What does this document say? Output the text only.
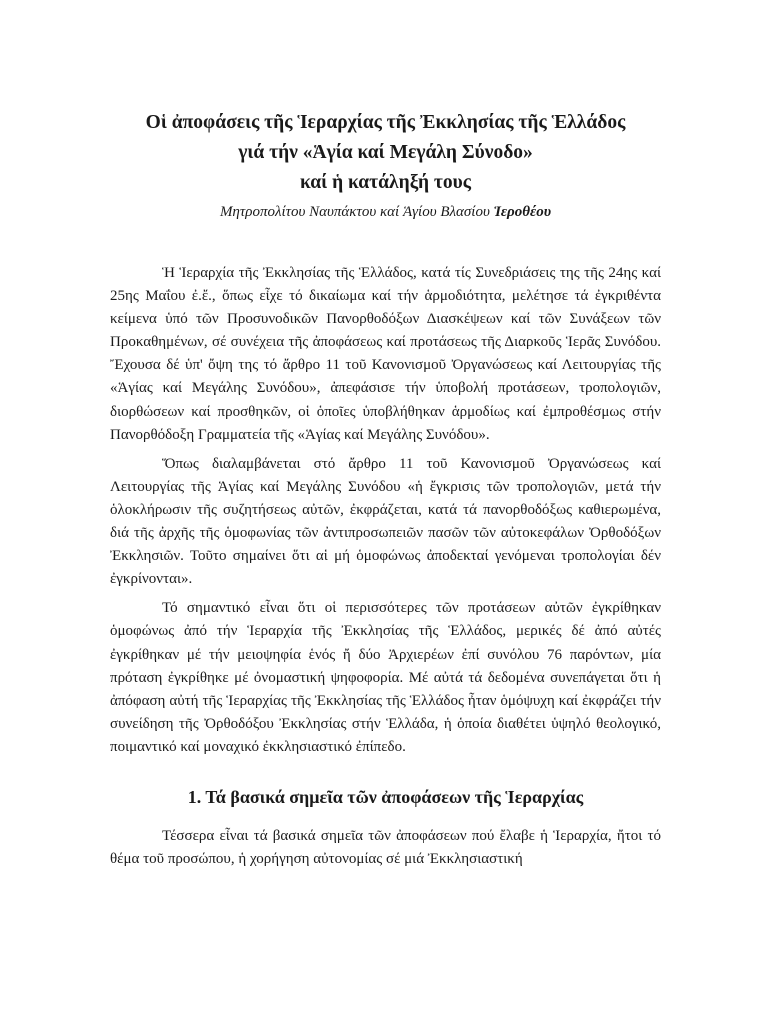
Οἱ ἀποφάσεις τῆς Ἱεραρχίας τῆς Ἐκκλησίας τῆς Ἑλλάδος
γιά τήν «Ἁγία καί Μεγάλη Σύνοδο»
καί ἡ κατάληξή τους

Μητροπολίτου Ναυπάκτου καί Ἁγίου Βλασίου Ἱεροθέου

Ἡ Ἱεραρχία τῆς Ἐκκλησίας τῆς Ἑλλάδος, κατά τίς Συνεδριάσεις της τῆς 24ης καί 25ης Μαΐου ἐ.ἔ., ὅπως εἶχε τό δικαίωμα καί τήν ἁρμοδιότητα, μελέτησε τά ἐγκριθέντα κείμενα ὑπό τῶν Προσυνοδικῶν Πανορθοδόξων Διασκέψεων καί τῶν Συνάξεων τῶν Προκαθημένων, σέ συνέχεια τῆς ἀποφάσεως καί προτάσεως τῆς Διαρκοῦς Ἱερᾶς Συνόδου. Ἔχουσα δέ ὑπ' ὄψη της τό ἄρθρο 11 τοῦ Κανονισμοῦ Ὀργανώσεως καί Λειτουργίας τῆς «Ἁγίας καί Μεγάλης Συνόδου», ἀπεφάσισε τήν ὑποβολή προτάσεων, τροπολογιῶν, διορθώσεων καί προσθηκῶν, οἱ ὁποῖες ὑποβλήθηκαν ἁρμοδίως καί ἐμπροθέσμως στήν Πανορθόδοξη Γραμματεία τῆς «Ἁγίας καί Μεγάλης Συνόδου».

Ὅπως διαλαμβάνεται στό ἄρθρο 11 τοῦ Κανονισμοῦ Ὀργανώσεως καί Λειτουργίας τῆς Ἁγίας καί Μεγάλης Συνόδου «ἡ ἔγκρισις τῶν τροπολογιῶν, μετά τήν ὁλοκλήρωσιν τῆς συζητήσεως αὐτῶν, ἐκφράζεται, κατά τά πανορθοδόξως καθιερωμένα, διά τῆς ἀρχῆς τῆς ὁμοφωνίας τῶν ἀντιπροσωπειῶν πασῶν τῶν αὐτοκεφάλων Ὀρθοδόξων Ἐκκλησιῶν. Τοῦτο σημαίνει ὅτι αἱ μή ὁμοφώνως ἀποδεκταί γενόμεναι τροπολογίαι δέν ἐγκρίνονται».

Τό σημαντικό εἶναι ὅτι οἱ περισσότερες τῶν προτάσεων αὐτῶν ἐγκρίθηκαν ὁμοφώνως ἀπό τήν Ἱεραρχία τῆς Ἐκκλησίας τῆς Ἑλλάδος, μερικές δέ ἀπό αὐτές ἐγκρίθηκαν μέ τήν μειοψηφία ἑνός ἤ δύο Ἀρχιερέων ἐπί συνόλου 76 παρόντων, μία πρόταση ἐγκρίθηκε μέ ὀνομαστική ψηφοφορία. Μέ αὐτά τά δεδομένα συνεπάγεται ὅτι ἡ ἀπόφαση αὐτή τῆς Ἱεραρχίας τῆς Ἐκκλησίας τῆς Ἑλλάδος ἦταν ὁμόψυχη καί ἐκφράζει τήν συνείδηση τῆς Ὀρθοδόξου Ἐκκλησίας στήν Ἑλλάδα, ἡ ὁποία διαθέτει ὑψηλό θεολογικό, ποιμαντικό καί μοναχικό ἐκκλησιαστικό ἐπίπεδο.

1. Τά βασικά σημεῖα τῶν ἀποφάσεων τῆς Ἱεραρχίας

Τέσσερα εἶναι τά βασικά σημεῖα τῶν ἀποφάσεων πού ἔλαβε ἡ Ἱεραρχία, ἤτοι τό θέμα τοῦ προσώπου, ἡ χορήγηση αὐτονομίας σέ μιά Ἐκκλησιαστική
